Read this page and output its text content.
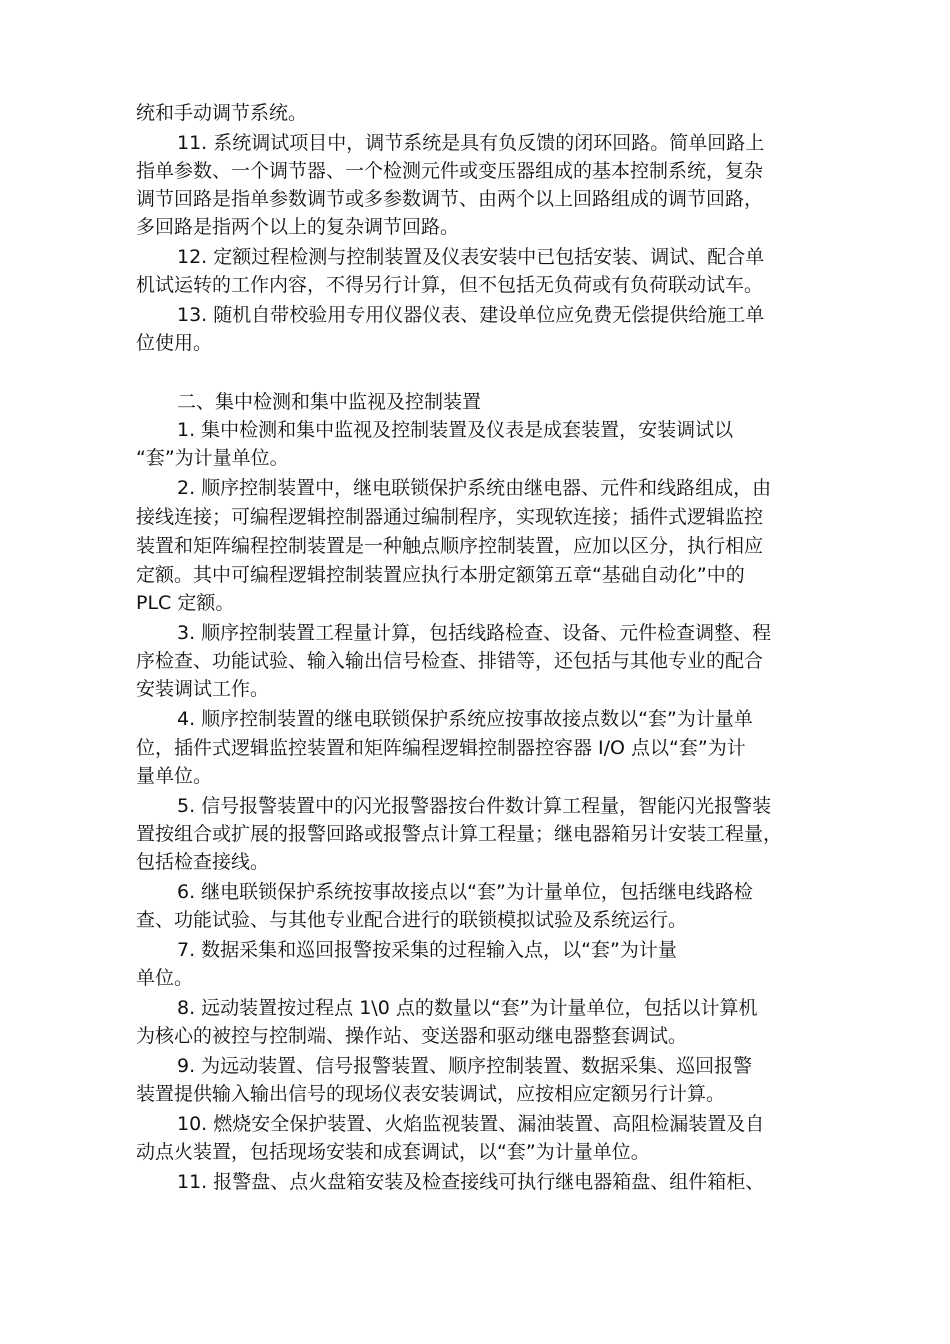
统和手动调节系统。
11. 系统调试项目中，调节系统是具有负反馈的闭环回路。简单回路上
指单参数、一个调节器、一个检测元件或变压器组成的基本控制系统，复杂
调节回路是指单参数调节或多参数调节、由两个以上回路组成的调节回路，
多回路是指两个以上的复杂调节回路。
12. 定额过程检测与控制装置及仪表安装中已包括安装、调试、配合单
机试运转的工作内容，不得另行计算，但不包括无负荷或有负荷联动试车。
13. 随机自带校验用专用仪器仪表、建设单位应免费无偿提供给施工单
位使用。
二、集中检测和集中监视及控制装置
1. 集中检测和集中监视及控制装置及仪表是成套装置，安装调试以
“套”为计量单位。
2. 顺序控制装置中，继电联锁保护系统由继电器、元件和线路组成，由
接线连接；可编程逻辑控制器通过编制程序，实现软连接；插件式逻辑监控
装置和矩阵编程控制装置是一种触点顺序控制装置，应加以区分，执行相应
定额。其中可编程逻辑控制装置应执行本册定额第五章“基础自动化”中的
PLC 定额。
3. 顺序控制装置工程量计算，包括线路检查、设备、元件检查调整、程
序检查、功能试验、输入输出信号检查、排错等，还包括与其他专业的配合
安装调试工作。
4. 顺序控制装置的继电联锁保护系统应按事故接点数以“套”为计量单
位，插件式逻辑监控装置和矩阵编程逻辑控制器控容器 I/O 点以“套”为计
量单位。
5. 信号报警装置中的闪光报警器按台件数计算工程量，智能闪光报警装
置按组合或扩展的报警回路或报警点计算工程量；继电器箱另计安装工程量，
包括检查接线。
6. 继电联锁保护系统按事故接点以“套”为计量单位，包括继电线路检
查、功能试验、与其他专业配合进行的联锁模拟试验及系统运行。
7. 数据采集和巡回报警按采集的过程输入点，以“套”为计量
单位。
8. 远动装置按过程点 1\0 点的数量以“套”为计量单位，包括以计算机
为核心的被控与控制端、操作站、变送器和驱动继电器整套调试。
9. 为远动装置、信号报警装置、顺序控制装置、数据采集、巡回报警
装置提供输入输出信号的现场仪表安装调试，应按相应定额另行计算。
10. 燃烧安全保护装置、火焰监视装置、漏油装置、高阻检漏装置及自
动点火装置，包括现场安装和成套调试，以“套”为计量单位。
11. 报警盘、点火盘箱安装及检查接线可执行继电器箱盘、组件箱柜、
